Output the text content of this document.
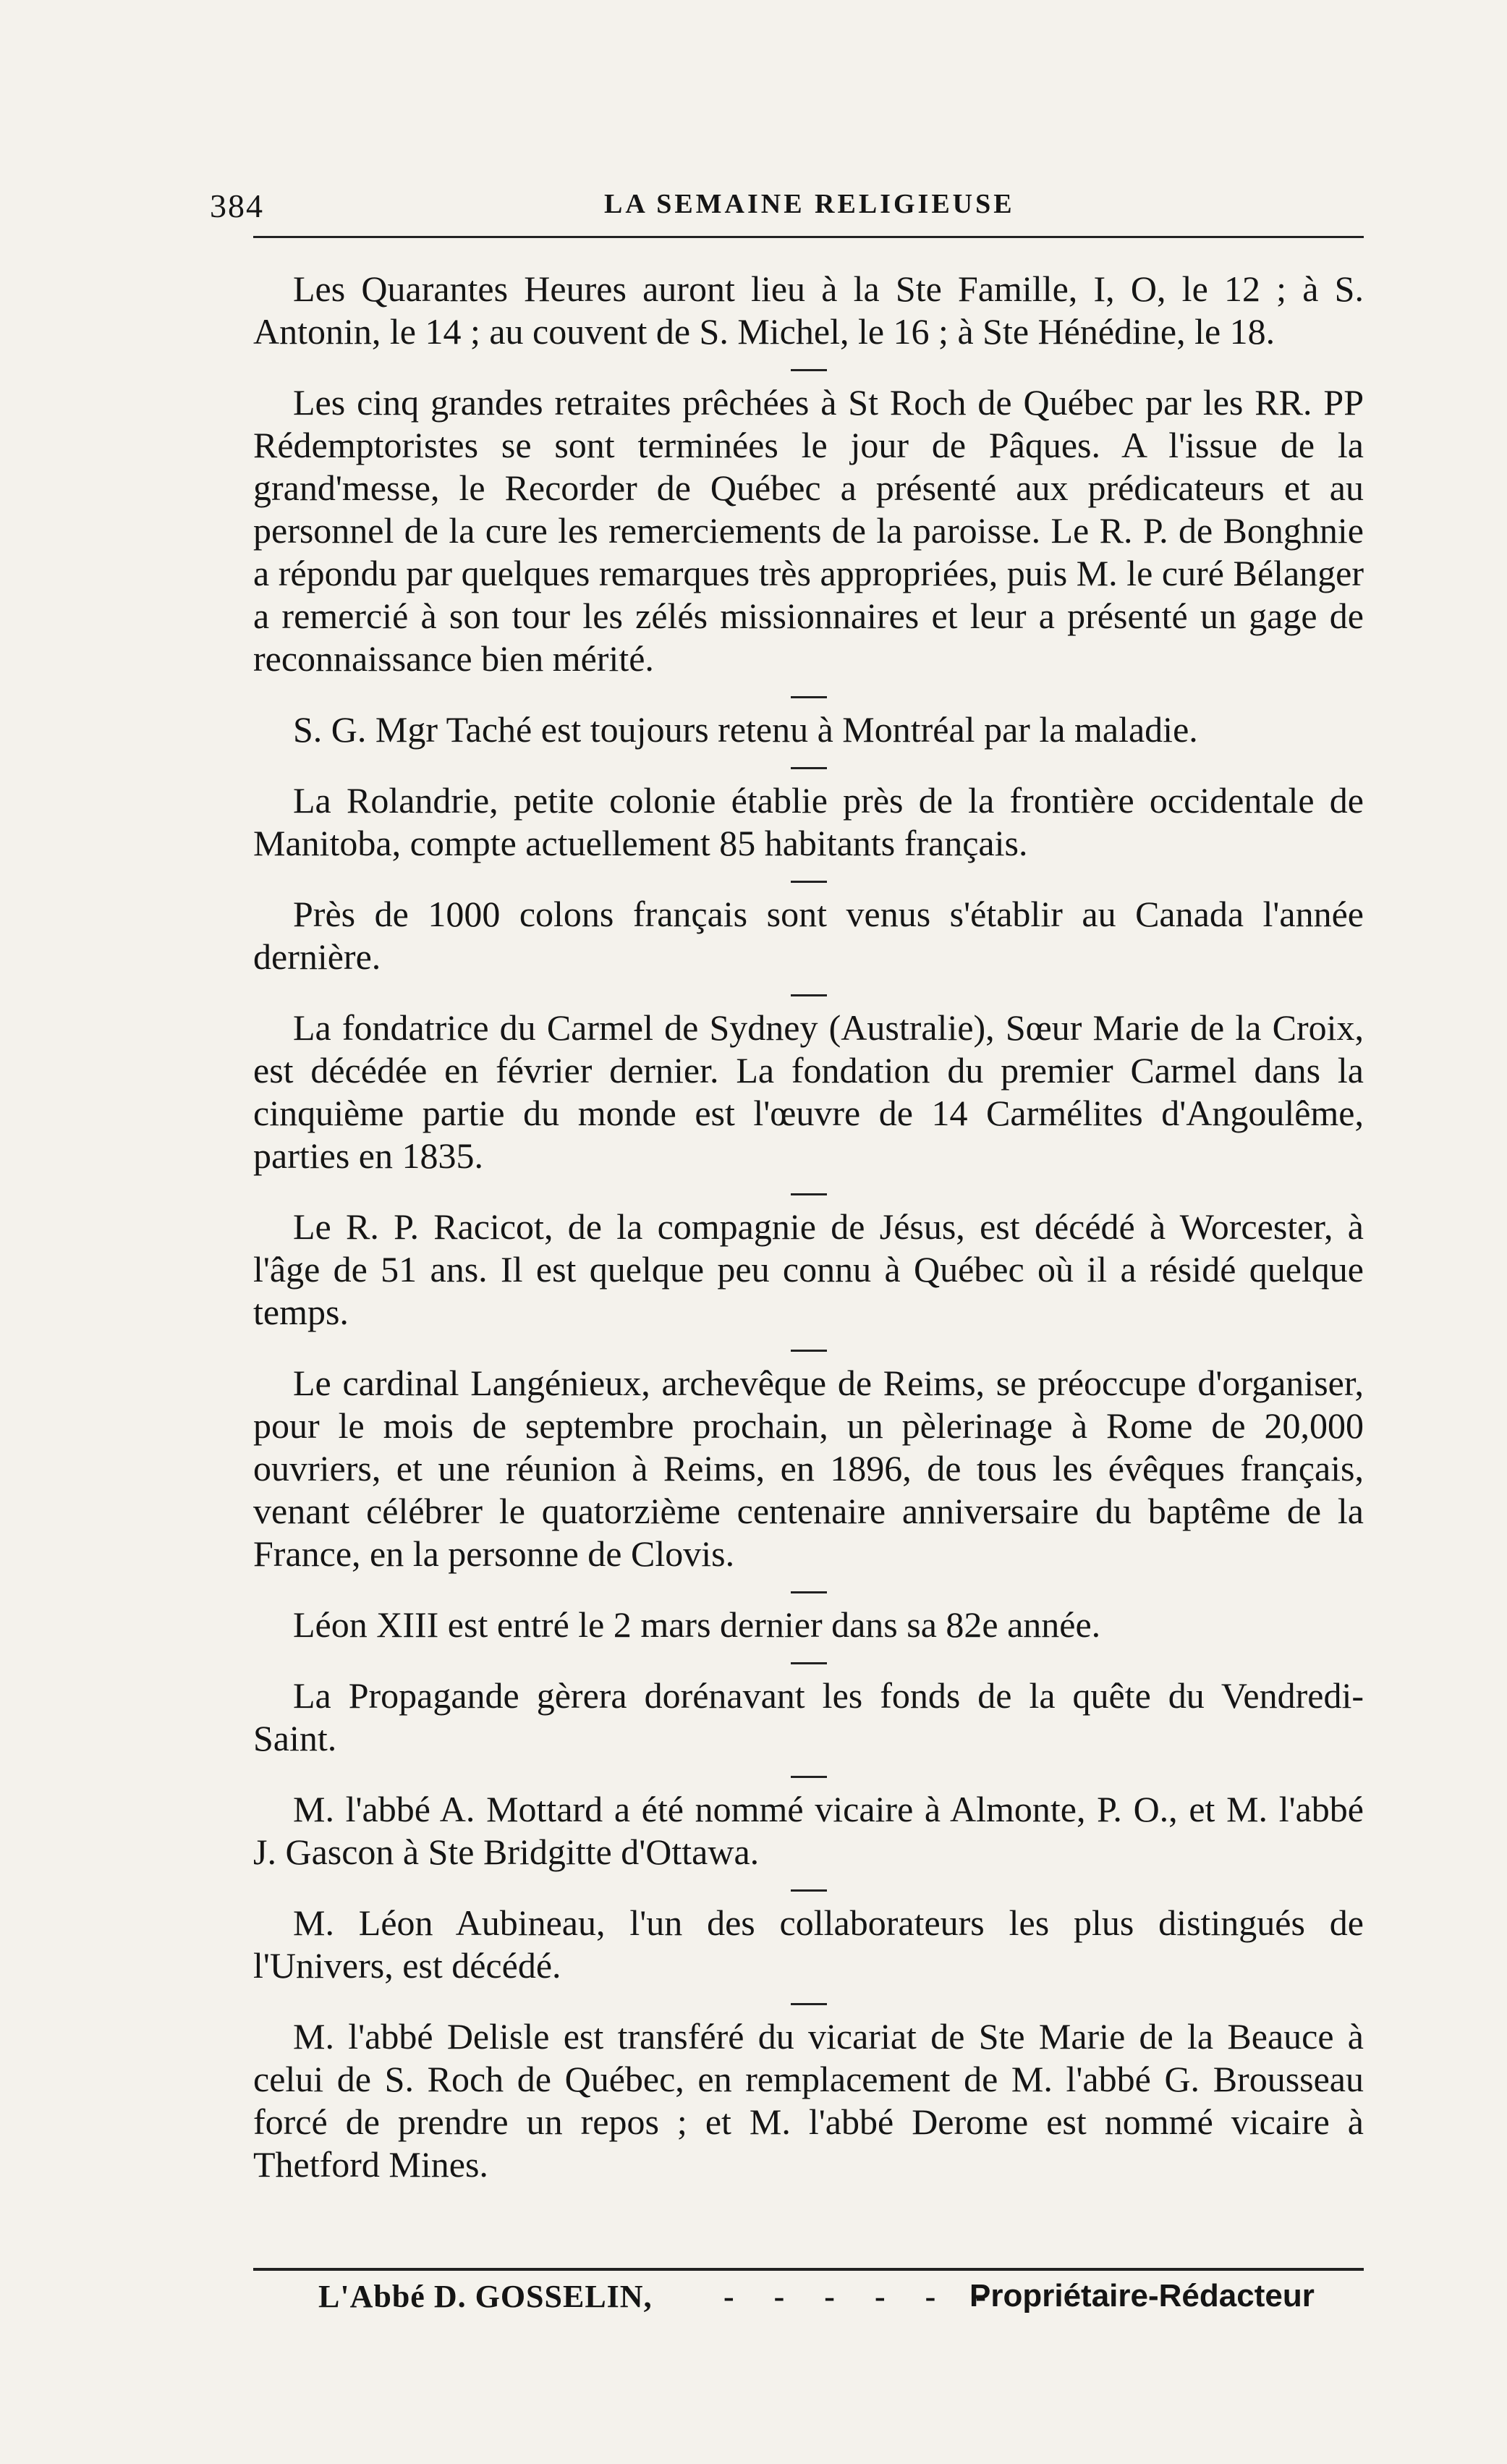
384	LA SEMAINE RELIGIEUSE

Les Quarantes Heures auront lieu à la Ste Famille, I, O, le 12 ; à S. Antonin, le 14 ; au couvent de S. Michel, le 16 ; à Ste Hénédine, le 18.

Les cinq grandes retraites prêchées à St Roch de Québec par les RR. PP Rédemptoristes se sont terminées le jour de Pâques. A l'issue de la grand'messe, le Recorder de Québec a présenté aux prédicateurs et au personnel de la cure les remerciements de la paroisse. Le R. P. de Bonghnie a répondu par quelques remarques très appropriées, puis M. le curé Bélanger a remercié à son tour les zélés missionnaires et leur a présenté un gage de reconnaissance bien mérité.

S. G. Mgr Taché est toujours retenu à Montréal par la maladie.

La Rolandrie, petite colonie établie près de la frontière occidentale de Manitoba, compte actuellement 85 habitants français.

Près de 1000 colons français sont venus s'établir au Canada l'année dernière.

La fondatrice du Carmel de Sydney (Australie), Sœur Marie de la Croix, est décédée en février dernier. La fondation du premier Carmel dans la cinquième partie du monde est l'œuvre de 14 Carmélites d'Angoulême, parties en 1835.

Le R. P. Racicot, de la compagnie de Jésus, est décédé à Worcester, à l'âge de 51 ans. Il est quelque peu connu à Québec où il a résidé quelque temps.

Le cardinal Langénieux, archevêque de Reims, se préoccupe d'organiser, pour le mois de septembre prochain, un pèlerinage à Rome de 20,000 ouvriers, et une réunion à Reims, en 1896, de tous les évêques français, venant célébrer le quatorzième centenaire anniversaire du baptême de la France, en la personne de Clovis.

Léon XIII est entré le 2 mars dernier dans sa 82e année.

La Propagande gèrera dorénavant les fonds de la quête du Vendredi-Saint.

M. l'abbé A. Mottard a été nommé vicaire à Almonte, P. O., et M. l'abbé J. Gascon à Ste Bridgitte d'Ottawa.

M. Léon Aubineau, l'un des collaborateurs les plus distingués de l'Univers, est décédé.

M. l'abbé Delisle est transféré du vicariat de Ste Marie de la Beauce à celui de S. Roch de Québec, en remplacement de M. l'abbé G. Brousseau forcé de prendre un repos ; et M. l'abbé Derome est nommé vicaire à Thetford Mines.

L'Abbé D. GOSSELIN, - - - - - -
Propriétaire-Rédacteur
